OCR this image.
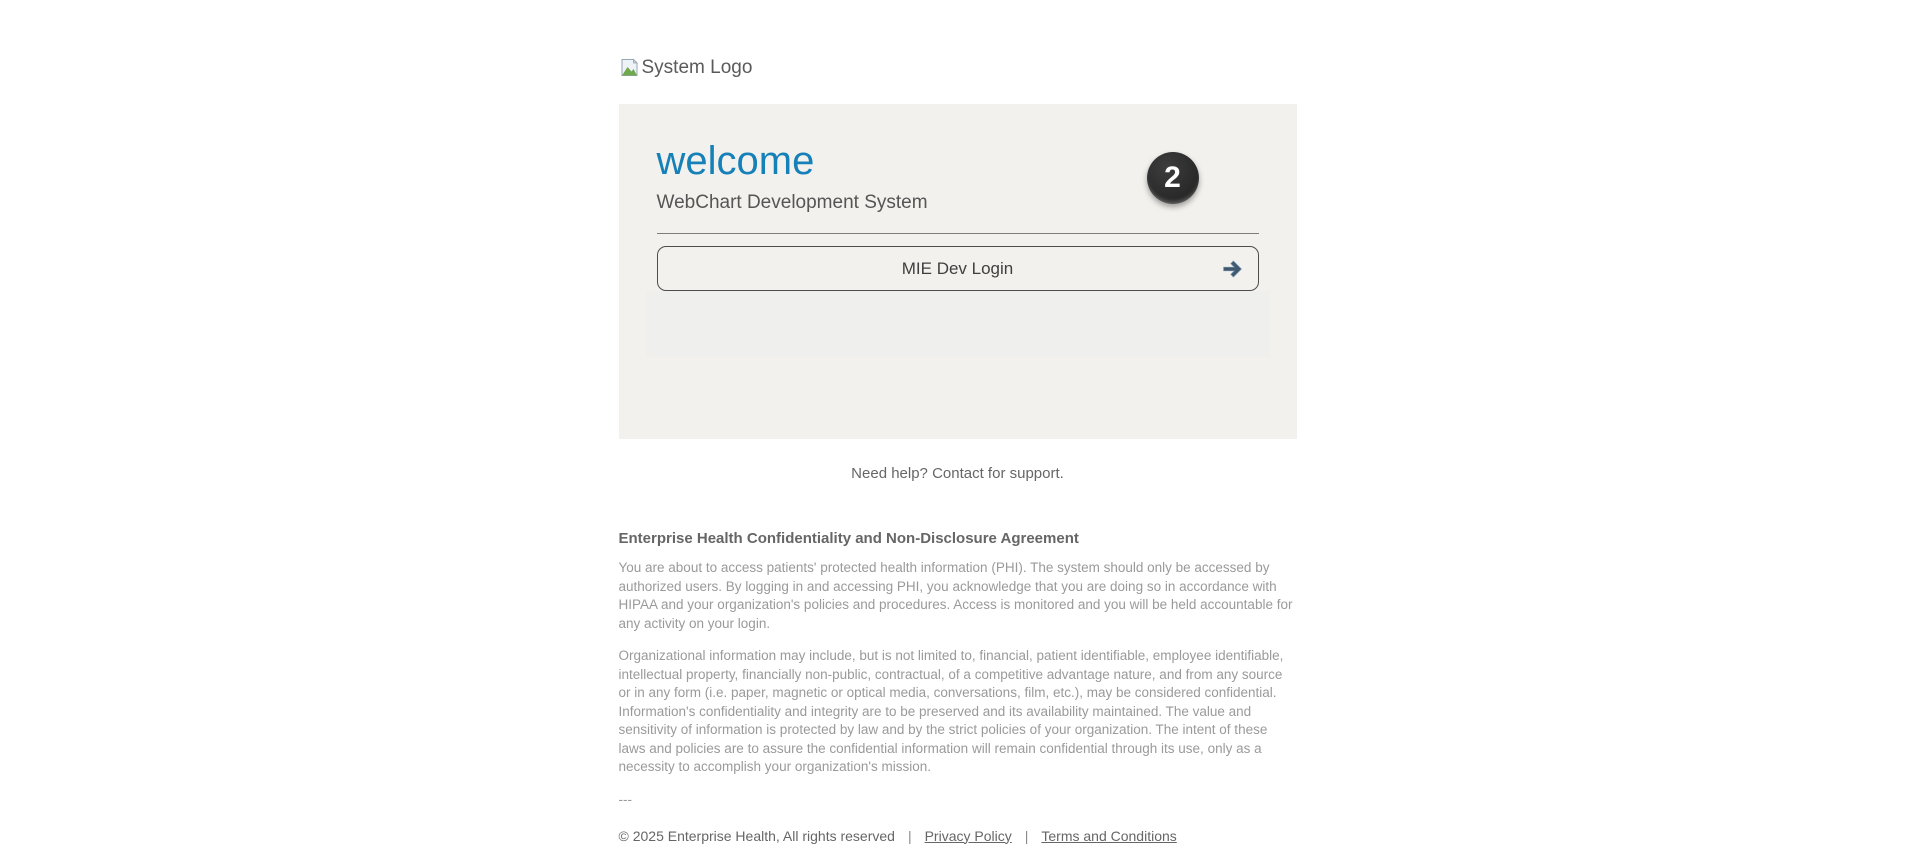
System Logo
welcome
WebChart Development System
MIE Dev Login
2
Need help? Contact for support.
Enterprise Health Confidentiality and Non-Disclosure Agreement

You are about to access patients' protected health information (PHI). The system should only be accessed by authorized users. By logging in and accessing PHI, you acknowledge that you are doing so in accordance with HIPAA and your organization's policies and procedures. Access is monitored and you will be held accountable for any activity on your login.

Organizational information may include, but is not limited to, financial, patient identifiable, employee identifiable, intellectual property, financially non-public, contractual, of a competitive advantage nature, and from any source or in any form (i.e. paper, magnetic or optical media, conversations, film, etc.), may be considered confidential. Information's confidentiality and integrity are to be preserved and its availability maintained. The value and sensitivity of information is protected by law and by the strict policies of your organization. The intent of these laws and policies are to assure the confidential information will remain confidential through its use, only as a necessity to accomplish your organization's mission.

---
© 2025 Enterprise Health, All rights reserved | Privacy Policy | Terms and Conditions
